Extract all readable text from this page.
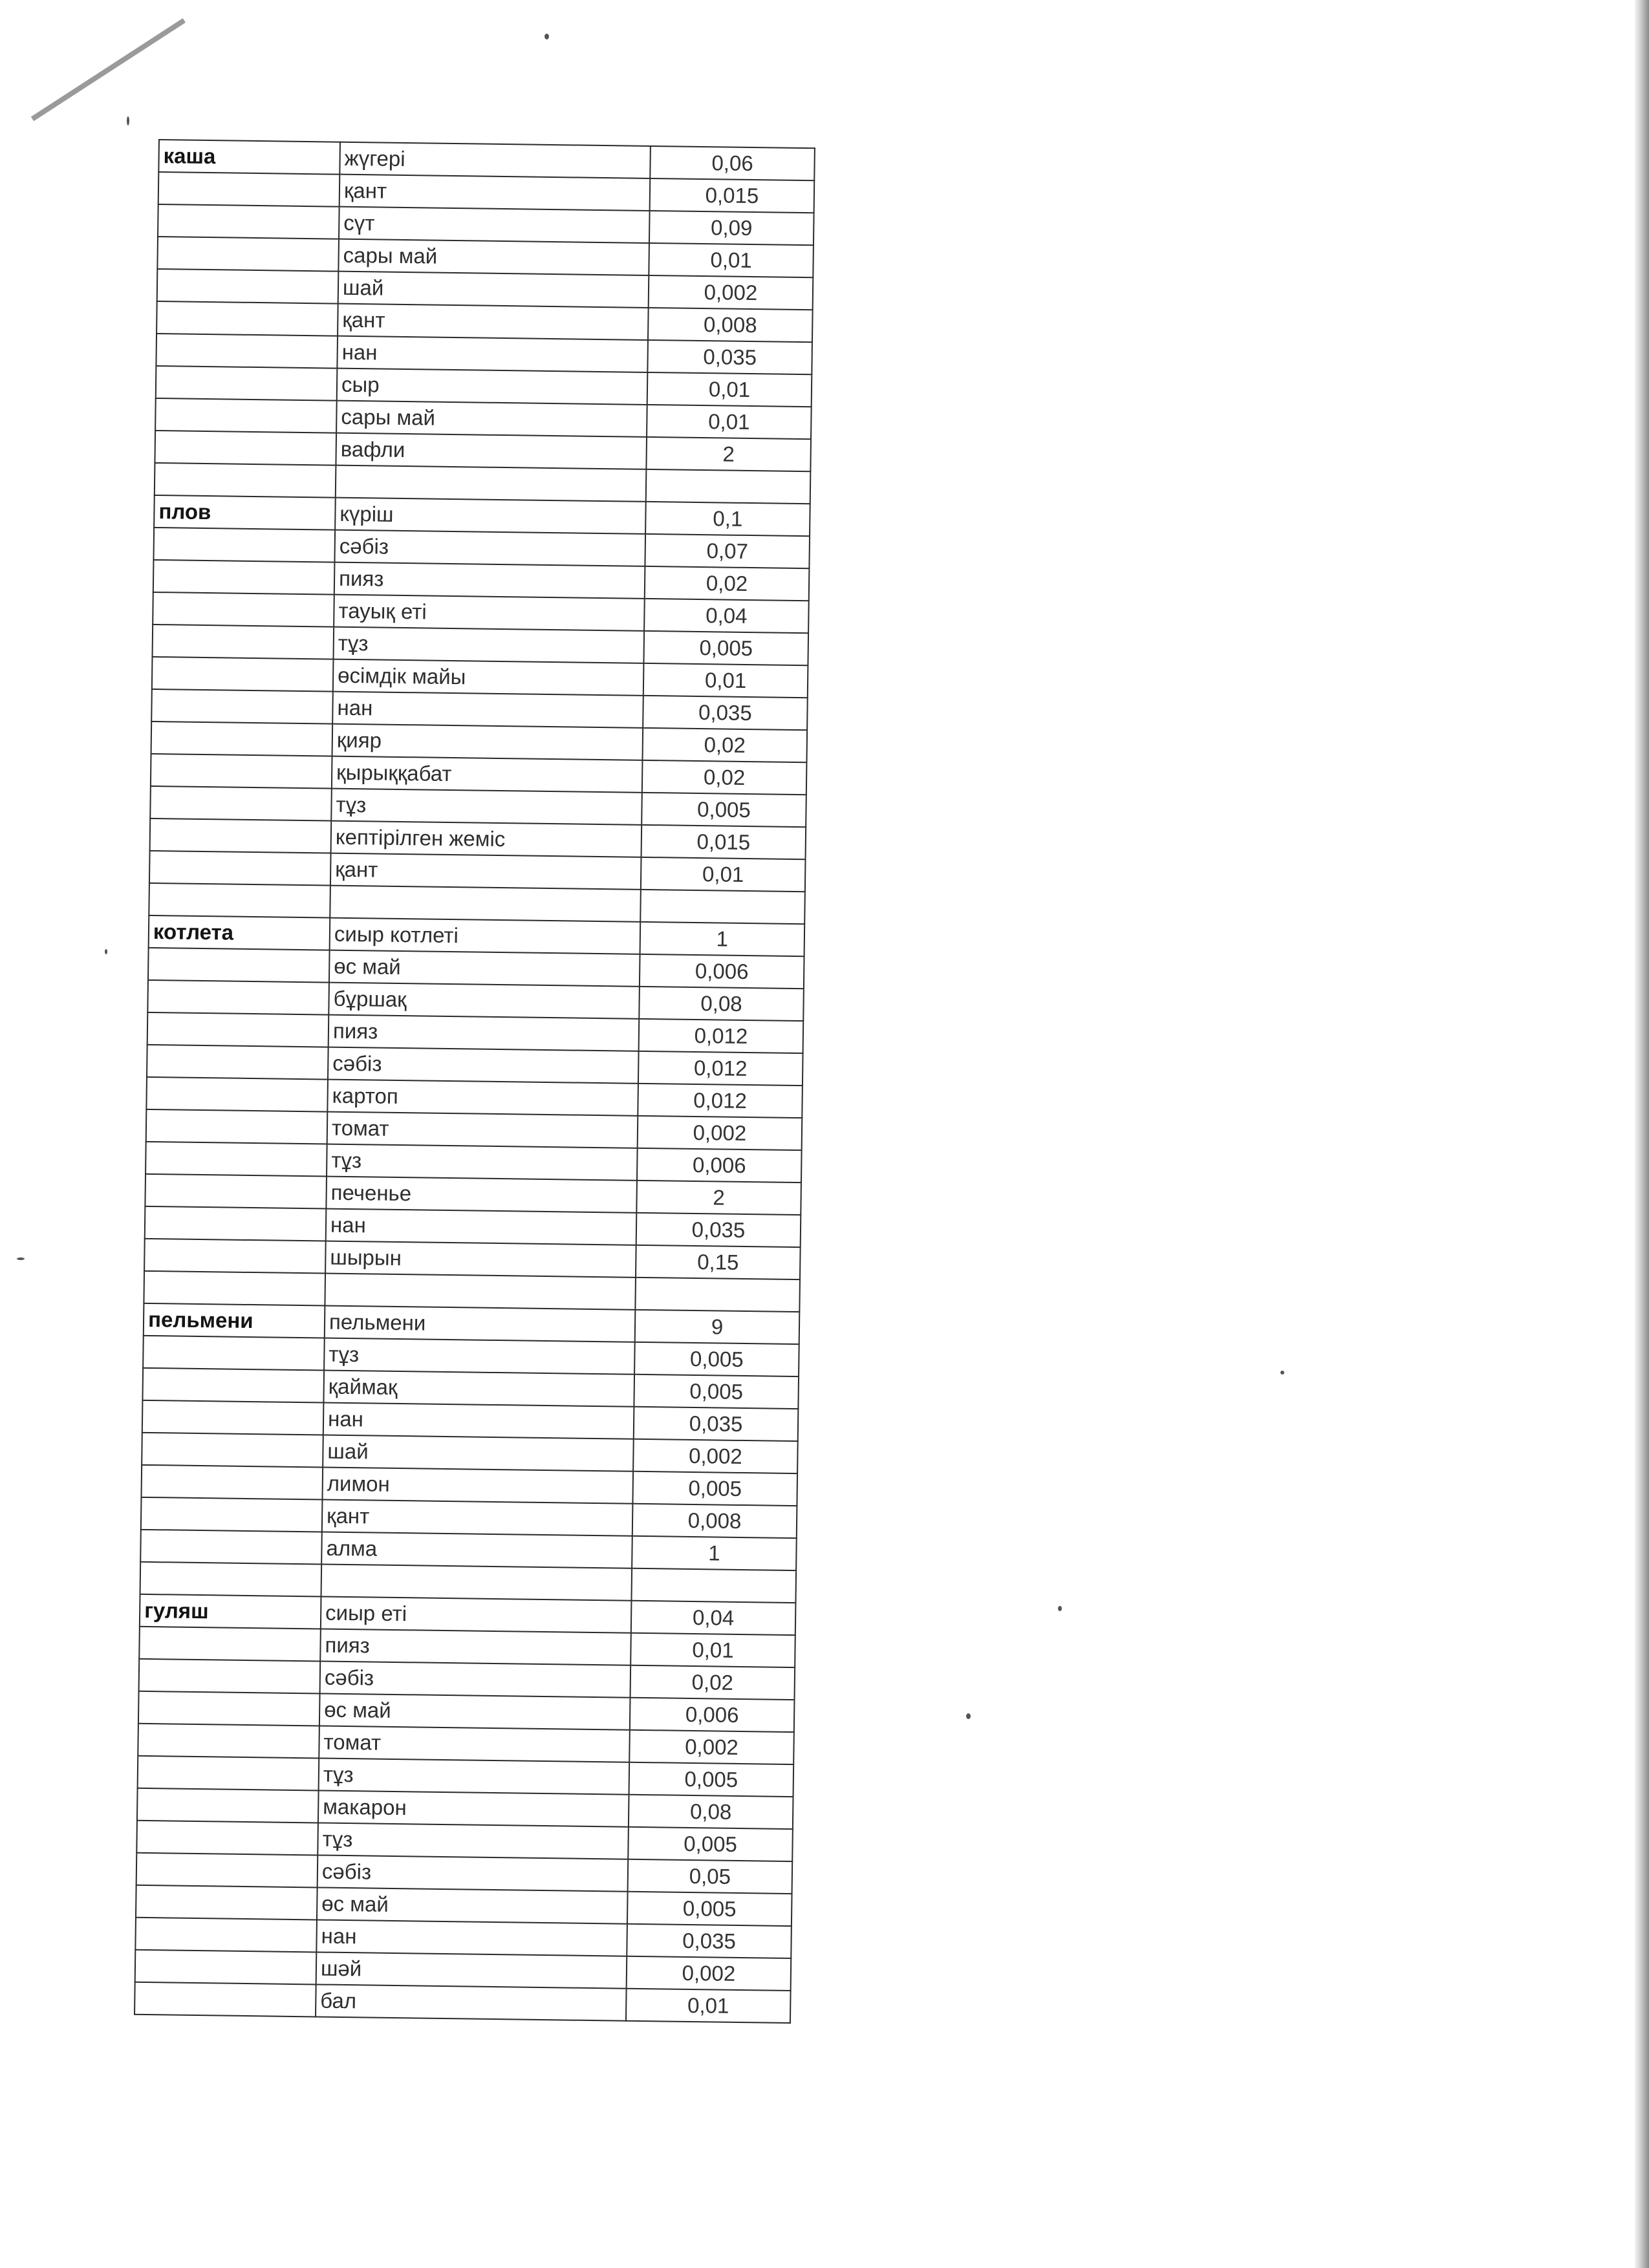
каша	жүгері	0,06
	қант	0,015
	сүт	0,09
	сары май	0,01
	шай	0,002
	қант	0,008
	нан	0,035
	сыр	0,01
	сары май	0,01
	вафли	2

плов	күріш	0,1
	сәбіз	0,07
	пияз	0,02
	тауық еті	0,04
	тұз	0,005
	өсімдік майы	0,01
	нан	0,035
	қияр	0,02
	қырыққабат	0,02
	тұз	0,005
	кептірілген жеміс	0,015
	қант	0,01

котлета	сиыр котлеті	1
	өс май	0,006
	бұршақ	0,08
	пияз	0,012
	сәбіз	0,012
	картоп	0,012
	томат	0,002
	тұз	0,006
	печенье	2
	нан	0,035
	шырын	0,15

пельмени	пельмени	9
	тұз	0,005
	қаймақ	0,005
	нан	0,035
	шай	0,002
	лимон	0,005
	қант	0,008
	алма	1

гуляш	сиыр еті	0,04
	пияз	0,01
	сәбіз	0,02
	өс май	0,006
	томат	0,002
	тұз	0,005
	макарон	0,08
	тұз	0,005
	сәбіз	0,05
	өс май	0,005
	нан	0,035
	шәй	0,002
	бал	0,01
